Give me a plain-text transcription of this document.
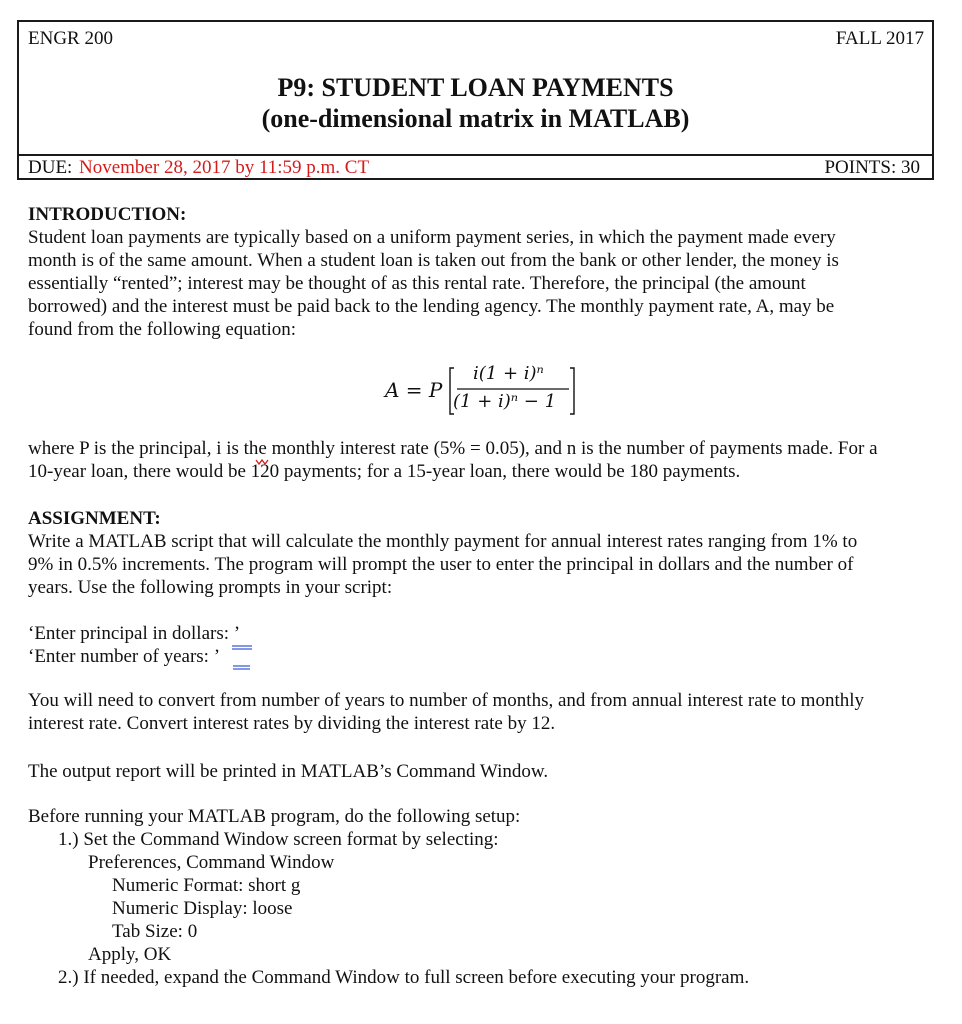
ENGR 200	FALL 2017
P9: STUDENT LOAN PAYMENTS
(one-dimensional matrix in MATLAB)
DUE: November 28, 2017 by 11:59 p.m. CT	POINTS: 30

INTRODUCTION:

Student loan payments are typically based on a uniform payment series, in which the payment made every

month is of the same amount. When a student loan is taken out from the bank or other lender, the money is

essentially “rented”; interest may be thought of as this rental rate. Therefore, the principal (the amount

borrowed) and the interest must be paid back to the lending agency. The monthly payment rate, A, may be

found from the following equation:

A = P
i(1 + i)ⁿ
(1 + i)ⁿ − 1

where P is the principal, i is the monthly interest rate (5% = 0.05), and n is the number of payments made. For a

10-year loan, there would be 120 payments; for a 15-year loan, there would be 180 payments.

ASSIGNMENT:

Write a MATLAB script that will calculate the monthly payment for annual interest rates ranging from 1% to

9% in 0.5% increments. The program will prompt the user to enter the principal in dollars and the number of

years. Use the following prompts in your script:

‘Enter principal in dollars: ’

‘Enter number of years: ’

You will need to convert from number of years to number of months, and from annual interest rate to monthly

interest rate. Convert interest rates by dividing the interest rate by 12.

The output report will be printed in MATLAB’s Command Window.

Before running your MATLAB program, do the following setup:
1.) Set the Command Window screen format by selecting:
Preferences, Command Window
Numeric Format: short g
Numeric Display: loose
Tab Size: 0
Apply, OK
2.) If needed, expand the Command Window to full screen before executing your program.
